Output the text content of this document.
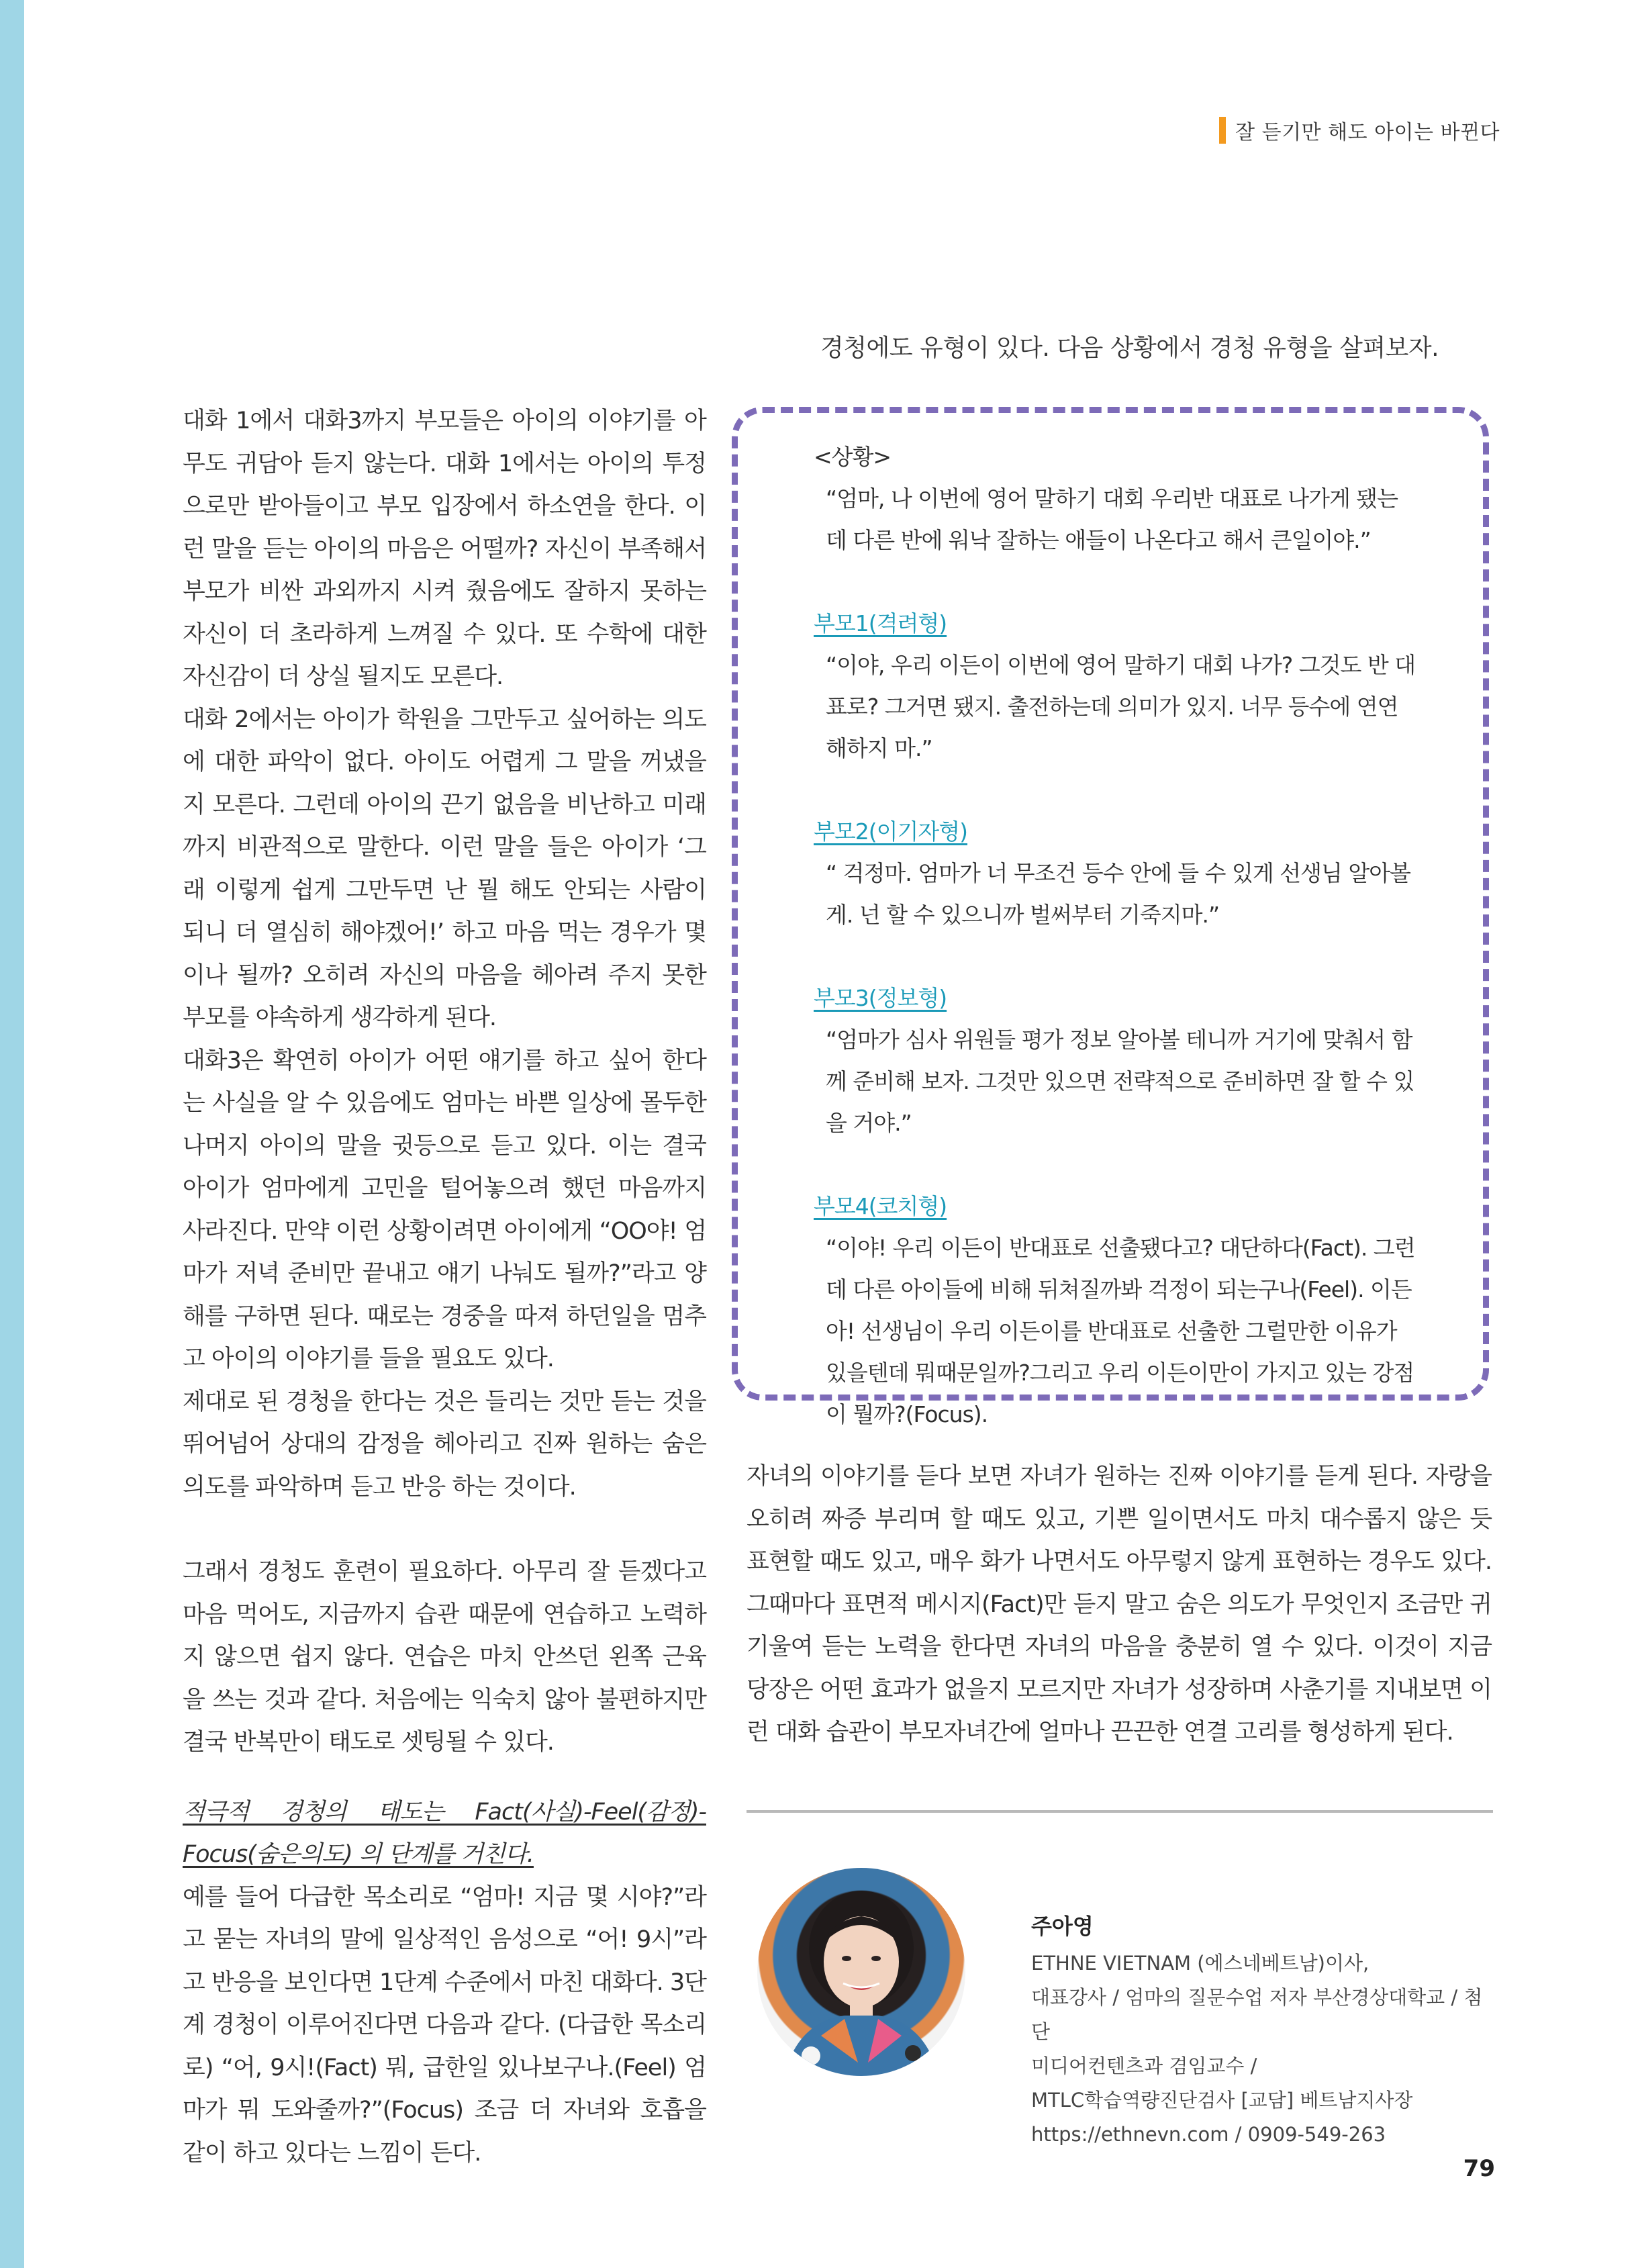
잘 듣기만 해도 아이는 바뀐다
경청에도 유형이 있다. 다음 상황에서 경청 유형을 살펴보자.

대화 1에서 대화3까지 부모들은 아이의 이야기를 아무도 귀담아 듣지 않는다. 대화 1에서는 아이의 투정으로만 받아들이고 부모 입장에서 하소연을 한다. 이런 말을 듣는 아이의 마음은 어떨까? 자신이 부족해서 부모가 비싼 과외까지 시켜 줬음에도 잘하지 못하는 자신이 더 초라하게 느껴질 수 있다. 또 수학에 대한 자신감이 더 상실 될지도 모른다.

대화 2에서는 아이가 학원을 그만두고 싶어하는 의도에 대한 파악이 없다. 아이도 어렵게 그 말을 꺼냈을 지 모른다. 그런데 아이의 끈기 없음을 비난하고 미래까지 비관적으로 말한다. 이런 말을 들은 아이가 ‘그래 이렇게 쉽게 그만두면 난 뭘 해도 안되는 사람이 되니 더 열심히 해야겠어!’ 하고 마음 먹는 경우가 몇이나 될까? 오히려 자신의 마음을 헤아려 주지 못한 부모를 야속하게 생각하게 된다.

대화3은 확연히 아이가 어떤 얘기를 하고 싶어 한다는 사실을 알 수 있음에도 엄마는 바쁜 일상에 몰두한 나머지 아이의 말을 귓등으로 듣고 있다. 이는 결국 아이가 엄마에게 고민을 털어놓으려 했던 마음까지 사라진다. 만약 이런 상황이려면 아이에게 “OO야! 엄마가 저녁 준비만 끝내고 얘기 나눠도 될까?”라고 양해를 구하면 된다. 때로는 경중을 따져 하던일을 멈추고 아이의 이야기를 들을 필요도 있다.

제대로 된 경청을 한다는 것은 들리는 것만 듣는 것을 뛰어넘어 상대의 감정을 헤아리고 진짜 원하는 숨은의도를 파악하며 듣고 반응 하는 것이다.

그래서 경청도 훈련이 필요하다. 아무리 잘 듣겠다고 마음 먹어도, 지금까지 습관 때문에 연습하고 노력하지 않으면 쉽지 않다. 연습은 마치 안쓰던 왼쪽 근육을 쓰는 것과 같다. 처음에는 익숙치 않아 불편하지만 결국 반복만이 태도로 셋팅될 수 있다.

적극적 경청의 태도는 Fact(사실)-Feel(감정)-Focus(숨은의도) 의 단계를 거친다.

예를 들어 다급한 목소리로 “엄마! 지금 몇 시야?”라고 묻는 자녀의 말에 일상적인 음성으로 “어! 9시”라고 반응을 보인다면 1단계 수준에서 마친 대화다. 3단계 경청이 이루어진다면 다음과 같다. (다급한 목소리로) “어, 9시!(Fact) 뭐, 급한일 있나보구나.(Feel) 엄마가 뭐 도와줄까?”(Focus) 조금 더 자녀와 호흡을 같이 하고 있다는 느낌이 든다.

<상황>

“엄마, 나 이번에 영어 말하기 대회 우리반 대표로 나가게 됐는데 다른 반에 워낙 잘하는 애들이 나온다고 해서 큰일이야.”

부모1(격려형)

“이야, 우리 이든이 이번에 영어 말하기 대회 나가? 그것도 반 대표로? 그거면 됐지. 출전하는데 의미가 있지. 너무 등수에 연연해하지 마.”

부모2(이기자형)

“ 걱정마. 엄마가 너 무조건 등수 안에 들 수 있게 선생님 알아볼게. 넌 할 수 있으니까 벌써부터 기죽지마.”

부모3(정보형)

“엄마가 심사 위원들 평가 정보 알아볼 테니까 거기에 맞춰서 함께 준비해 보자. 그것만 있으면 전략적으로 준비하면 잘 할 수 있을 거야.”

부모4(코치형)

“이야! 우리 이든이 반대표로 선출됐다고? 대단하다(Fact). 그런데 다른 아이들에 비해 뒤쳐질까봐 걱정이 되는구나(Feel). 이든아! 선생님이 우리 이든이를 반대표로 선출한 그럴만한 이유가 있을텐데 뭐때문일까?그리고 우리 이든이만이 가지고 있는 강점이 뭘까?(Focus).

자녀의 이야기를 듣다 보면 자녀가 원하는 진짜 이야기를 듣게 된다. 자랑을 오히려 짜증 부리며 할 때도 있고, 기쁜 일이면서도 마치 대수롭지 않은 듯 표현할 때도 있고, 매우 화가 나면서도 아무렇지 않게 표현하는 경우도 있다. 그때마다 표면적 메시지(Fact)만 듣지 말고 숨은 의도가 무엇인지 조금만 귀 기울여 듣는 노력을 한다면 자녀의 마음을 충분히 열 수 있다. 이것이 지금 당장은 어떤 효과가 없을지 모르지만 자녀가 성장하며 사춘기를 지내보면 이런 대화 습관이 부모자녀간에 얼마나 끈끈한 연결 고리를 형성하게 된다.

주아영

ETHNE VIETNAM (에스네베트남)이사,

대표강사 / 엄마의 질문수업 저자 부산경상대학교 / 첨단

미디어컨텐츠과 겸임교수 /

MTLC학습역량진단검사 [교담] 베트남지사장

https://ethnevn.com / 0909-549-263

79
